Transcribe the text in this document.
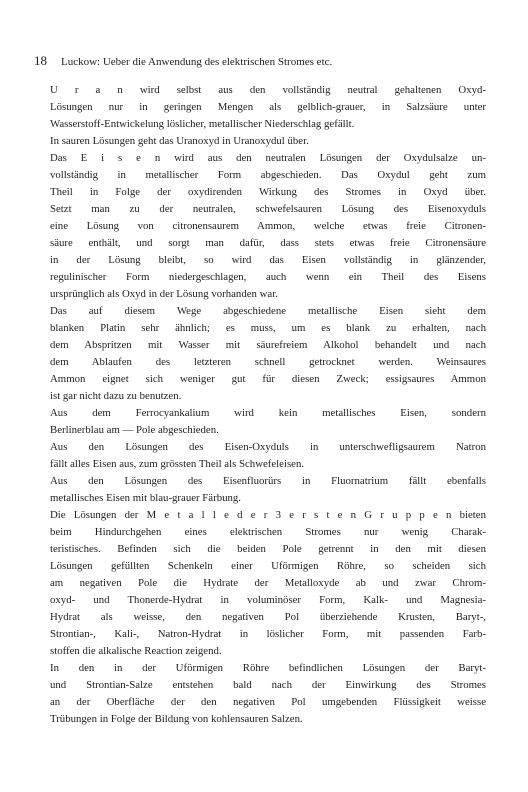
18 Luckow: Ueber die Anwendung des elektrischen Stromes etc.
U r a n wird selbst aus den vollständig neutral gehaltenen Oxyd-
Lösungen nur in geringen Mengen als gelblich-grauer, in Salzsäure unter
Wasserstoff-Entwickelung löslicher, metallischer Niederschlag gefällt.
In sauren Lösungen geht das Uranoxyd in Uranoxydul über.
Das E i s e n wird aus den neutralen Lösungen der Oxydulsalze un-
vollständig in metallischer Form abgeschieden. Das Oxydul geht zum
Theil in Folge der oxydirenden Wirkung des Stromes in Oxyd über.
Setzt man zu der neutralen, schwefelsauren Lösung des Eisenoxyduls
eine Lösung von citronensaurem Ammon, welche etwas freie Citronen-
säure enthält, und sorgt man dafür, dass stets etwas freie Citronensäure
in der Lösung bleibt, so wird das Eisen vollständig in glänzender,
regulinischer Form niedergeschlagen, auch wenn ein Theil des Eisens
ursprünglich als Oxyd in der Lösung vorhanden war.
Das auf diesem Wege abgeschiedene metallische Eisen sieht dem
blanken Platin sehr ähnlich; es muss, um es blank zu erhalten, nach
dem Abspritzen mit Wasser mit säurefreiem Alkohol behandelt und nach
dem Ablaufen des letzteren schnell getrocknet werden. Weinsaures
Ammon eignet sich weniger gut für diesen Zweck; essigsaures Ammon
ist gar nicht dazu zu benutzen.
Aus dem Ferrocyankalium wird kein metallisches Eisen, sondern
Berlinerblau am — Pole abgeschieden.
Aus den Lösungen des Eisen-Oxyduls in unterschwefligsaurem Natron
fällt alles Eisen aus, zum grössten Theil als Schwefeleisen.
Aus den Lösungen des Eisenfluorürs in Fluornatrium fällt ebenfalls
metallisches Eisen mit blau-grauer Färbung.
Die Lösungen der M e t a l l e d e r 3 e r s t e n G r u p p e n bieten
beim Hindurchgehen eines elektrischen Stromes nur wenig Charak-
teristisches. Befinden sich die beiden Pole getrennt in den mit diesen
Lösungen gefüllten Schenkeln einer Uförmigen Röhre, so scheiden sich
am negativen Pole die Hydrate der Metalloxyde ab und zwar Chrom-
oxyd- und Thonerde-Hydrat in voluminöser Form, Kalk- und Magnesia-
Hydrat als weisse, den negativen Pol überziehende Krusten, Baryt-,
Strontian-, Kali-, Natron-Hydrat in löslicher Form, mit passenden Farb-
stoffen die alkalische Reaction zeigend.
In den in der Uförmigen Röhre befindlichen Lösungen der Baryt-
und Strontian-Salze entstehen bald nach der Einwirkung des Stromes
an der Oberfläche der den negativen Pol umgebenden Flüssigkeit weisse
Trübungen in Folge der Bildung von kohlensauren Salzen.
